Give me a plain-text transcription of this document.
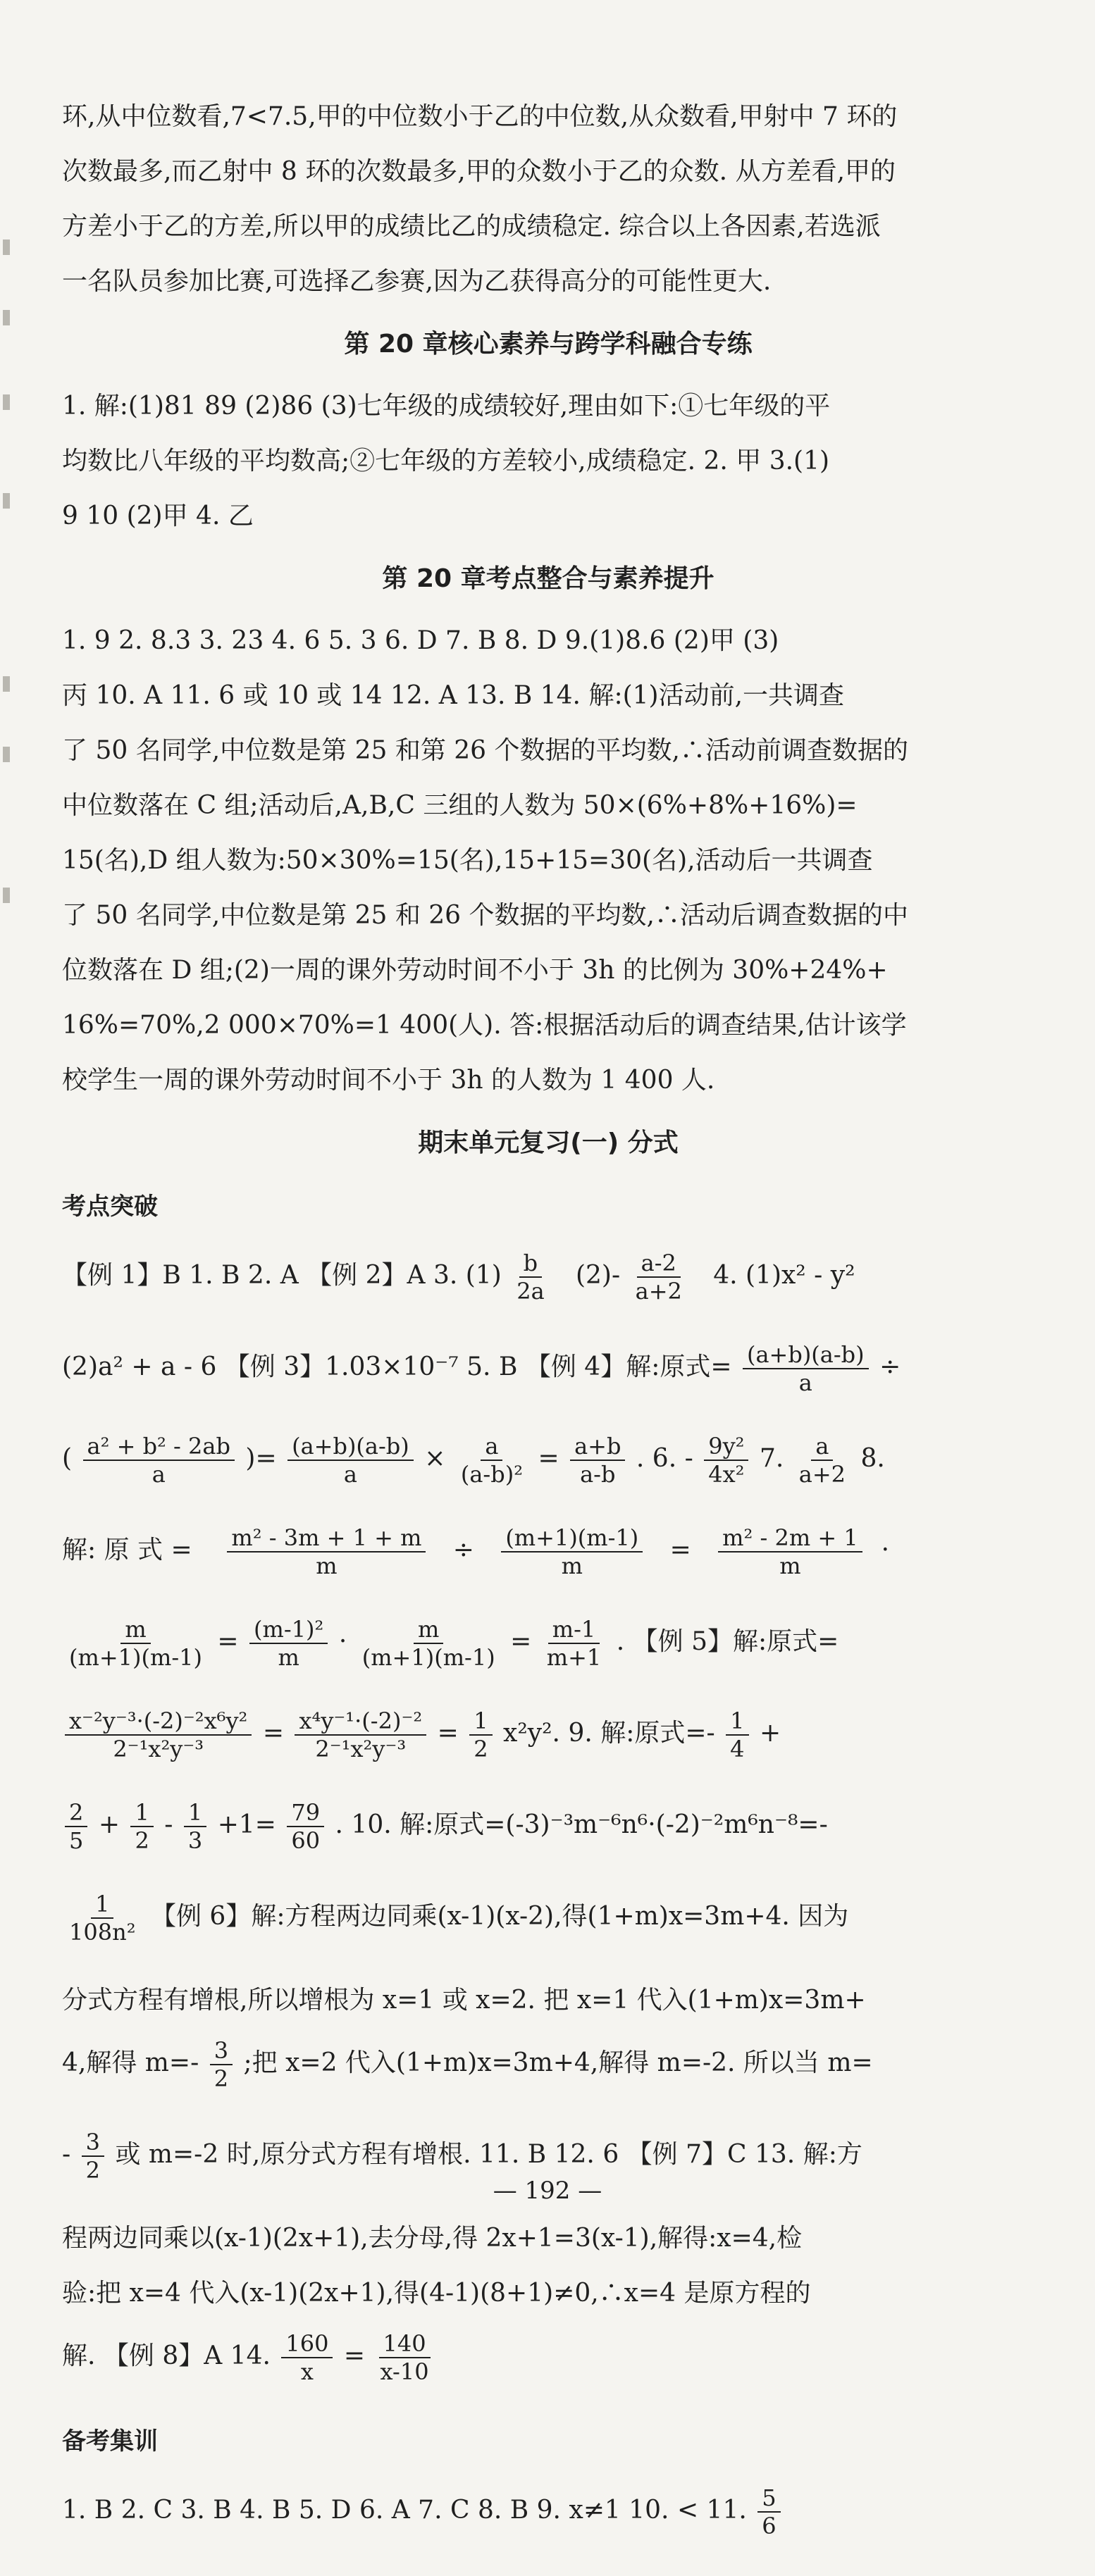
环,从中位数看,7<7.5,甲的中位数小于乙的中位数,从众数看,甲射中 7 环的

次数最多,而乙射中 8 环的次数最多,甲的众数小于乙的众数. 从方差看,甲的

方差小于乙的方差,所以甲的成绩比乙的成绩稳定. 综合以上各因素,若选派

一名队员参加比赛,可选择乙参赛,因为乙获得高分的可能性更大.

第 20 章核心素养与跨学科融合专练

1. 解:(1)81 89 (2)86 (3)七年级的成绩较好,理由如下:①七年级的平

均数比八年级的平均数高;②七年级的方差较小,成绩稳定. 2. 甲 3.(1)

9 10 (2)甲 4. 乙

第 20 章考点整合与素养提升

1. 9 2. 8.3 3. 23 4. 6 5. 3 6. D 7. B 8. D 9.(1)8.6 (2)甲 (3)

丙 10. A 11. 6 或 10 或 14 12. A 13. B 14. 解:(1)活动前,一共调查

了 50 名同学,中位数是第 25 和第 26 个数据的平均数,∴活动前调查数据的

中位数落在 C 组;活动后,A,B,C 三组的人数为 50×(6%+8%+16%)=

15(名),D 组人数为:50×30%=15(名),15+15=30(名),活动后一共调查

了 50 名同学,中位数是第 25 和 26 个数据的平均数,∴活动后调查数据的中

位数落在 D 组;(2)一周的课外劳动时间不小于 3h 的比例为 30%+24%+

16%=70%,2 000×70%=1 400(人). 答:根据活动后的调查结果,估计该学

校学生一周的课外劳动时间不小于 3h 的人数为 1 400 人.

期末单元复习(一) 分式
考点突破

【例 1】B 1. B 2. A 【例 2】A 3. $(1) \frac{b}{2a} (2)- \frac{a-2}{a+2} 4$. (1)x² - y²

(2)a² + a - 6 【例 3】1.03×10⁻⁷ 5. B 【例 4】解:原式= $\frac{(a+b)(a-b)}{a}$ ÷

( $\frac{\text{a² + b² - 2ab}}{a}$ )= $\frac{(a+b)(a-b)}{a} \times \frac{a}{\text{(a-b)²}} = \frac{a+b}{a-b}$ . 6. - $\frac{\text{9y²}}{\text{4x²}} 7$. $\frac{a}{a+2} 8$.

解: 原 式 = $\frac{\text{m² - 3m + 1 + m}}{m} \div \frac{(m+1)(m-1)}{m} = \frac{\text{m² - 2m + 1}}{m}$ ·

$\frac{m}{(m+1)(m-1)} = \frac{\text{(m-1)²}}{m} \cdot \frac{m}{(m+1)(m-1)} = \frac{m-1}{m+1}$ . 【例 5】解:原式=

$\frac{\text{x⁻²y⁻³·(-2)⁻²x⁶y²}}{\text{2⁻¹x²y⁻³}} = \frac{\text{x⁴y⁻¹·(-2)⁻²}}{\text{2⁻¹x²y⁻³}} = \frac{1}{2} x^2y^2$. 9. 解:原式=- $\frac{1}{4}$ +

$\frac{2}{5} + \frac{1}{2} - \frac{1}{3} +1= \frac{79}{60}$ . 10. 解:原式=(-3)⁻³m⁻⁶n⁶·(-2)⁻²m⁶n⁻⁸=-

$\frac{1}{\text{108n²}}$ 【例 6】解:方程两边同乘(x-1)(x-2),得(1+m)x=3m+4. 因为

分式方程有增根,所以增根为 x=1 或 x=2. 把 x=1 代入(1+m)x=3m+

4,解得 $m=- \frac{3}{2}$ ;把 x=2 代入(1+m)x=3m+4,解得 m=-2. 所以当 m=

- $\frac{3}{2}$ 或 m=-2 时,原分式方程有增根. 11. B 12. 6 【例 7】C 13. 解:方

程两边同乘以(x-1)(2x+1),去分母,得 2x+1=3(x-1),解得:x=4,检

验:把 x=4 代入(x-1)(2x+1),得(4-1)(8+1)≠0,∴x=4 是原方程的

解. 【例 8】A 14. $\frac{160}{x} = \frac{140}{x-10}$

备考集训

1. B 2. C 3. B 4. B 5. D 6. A 7. C 8. B 9. x≠1 10. < 11. $\frac{5}{6}$

— 192 —
